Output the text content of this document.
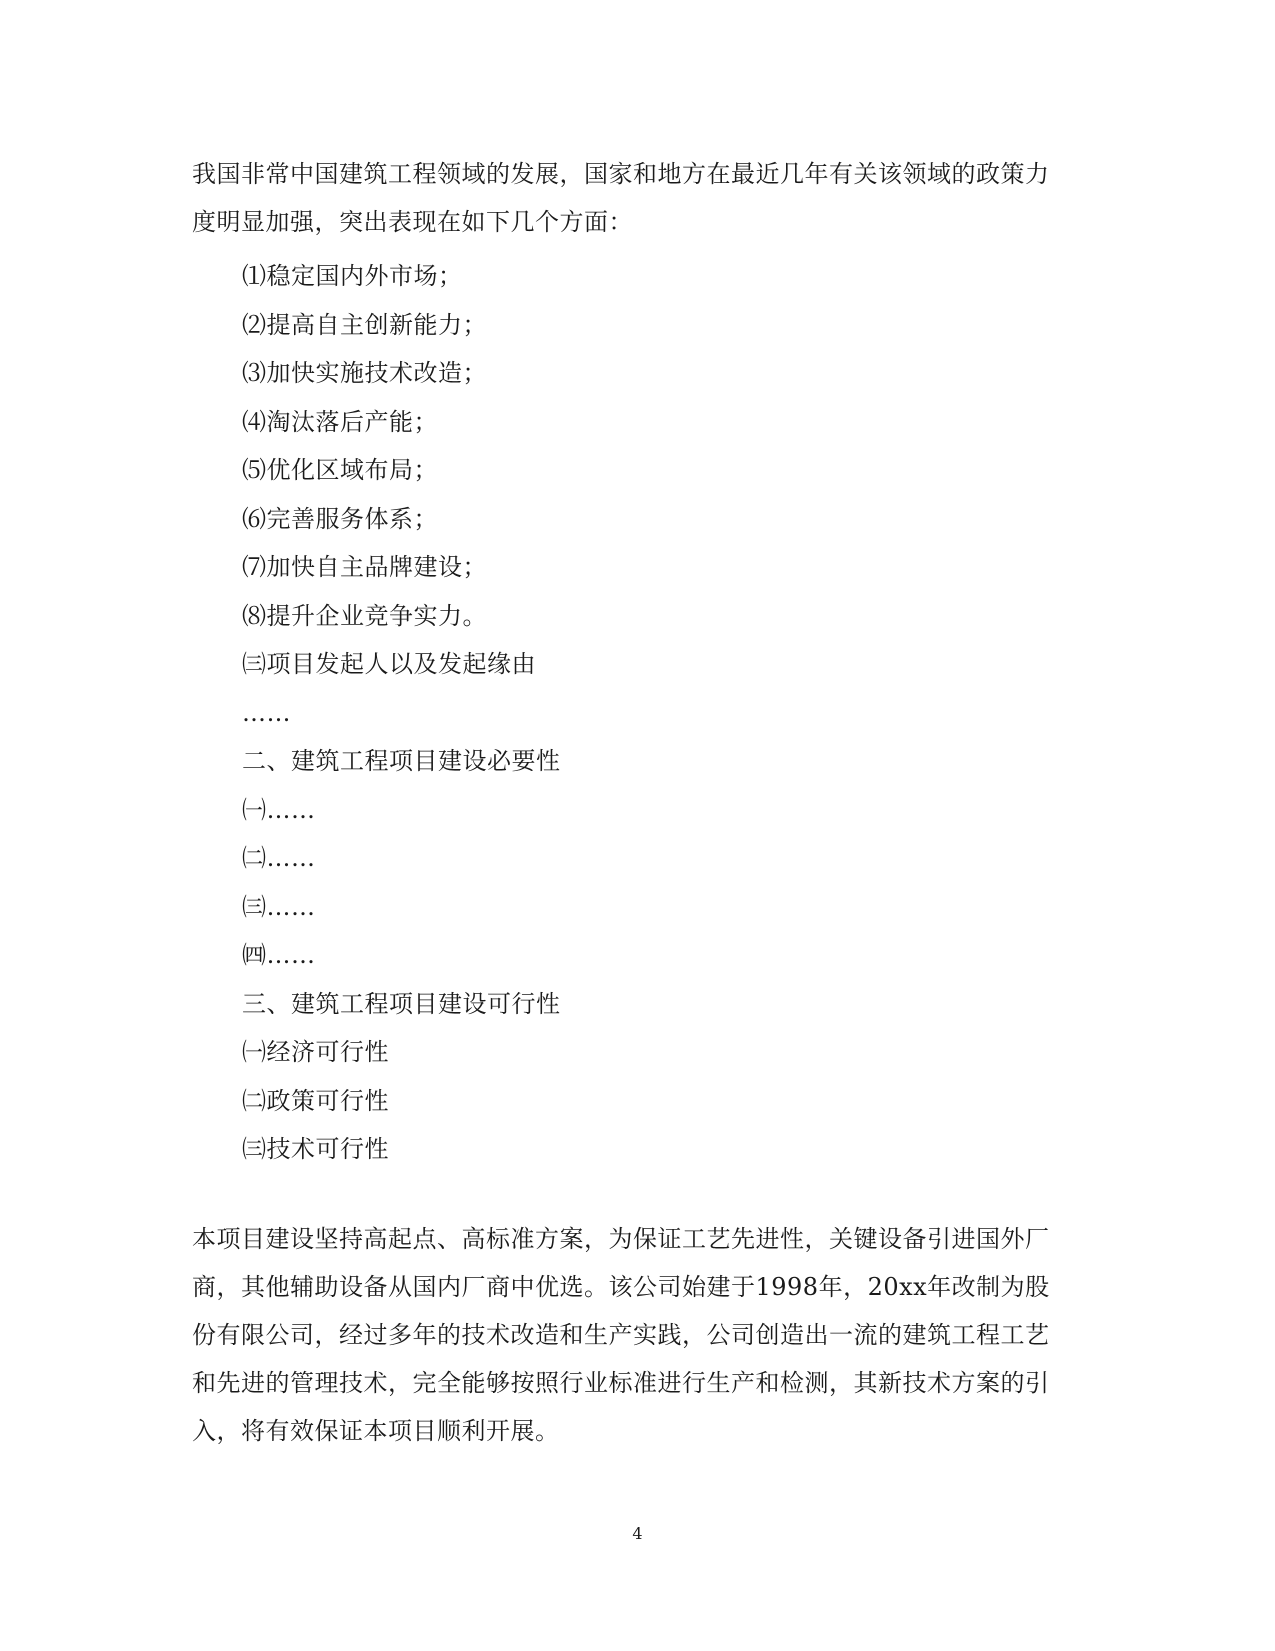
我国非常中国建筑工程领域的发展，国家和地方在最近几年有关该领域的政策力度明显加强，突出表现在如下几个方面：

⑴稳定国内外市场；
⑵提高自主创新能力；
⑶加快实施技术改造；
⑷淘汰落后产能；
⑸优化区域布局；
⑹完善服务体系；
⑺加快自主品牌建设；
⑻提升企业竞争实力。
㈢项目发起人以及发起缘由
……
二、建筑工程项目建设必要性
㈠……
㈡……
㈢……
㈣……
三、建筑工程项目建设可行性
㈠经济可行性
㈡政策可行性
㈢技术可行性

本项目建设坚持高起点、高标准方案，为保证工艺先进性，关键设备引进国外厂商，其他辅助设备从国内厂商中优选。该公司始建于1998年，20xx年改制为股份有限公司，经过多年的技术改造和生产实践，公司创造出一流的建筑工程工艺和先进的管理技术，完全能够按照行业标准进行生产和检测，其新技术方案的引入，将有效保证本项目顺利开展。

4
